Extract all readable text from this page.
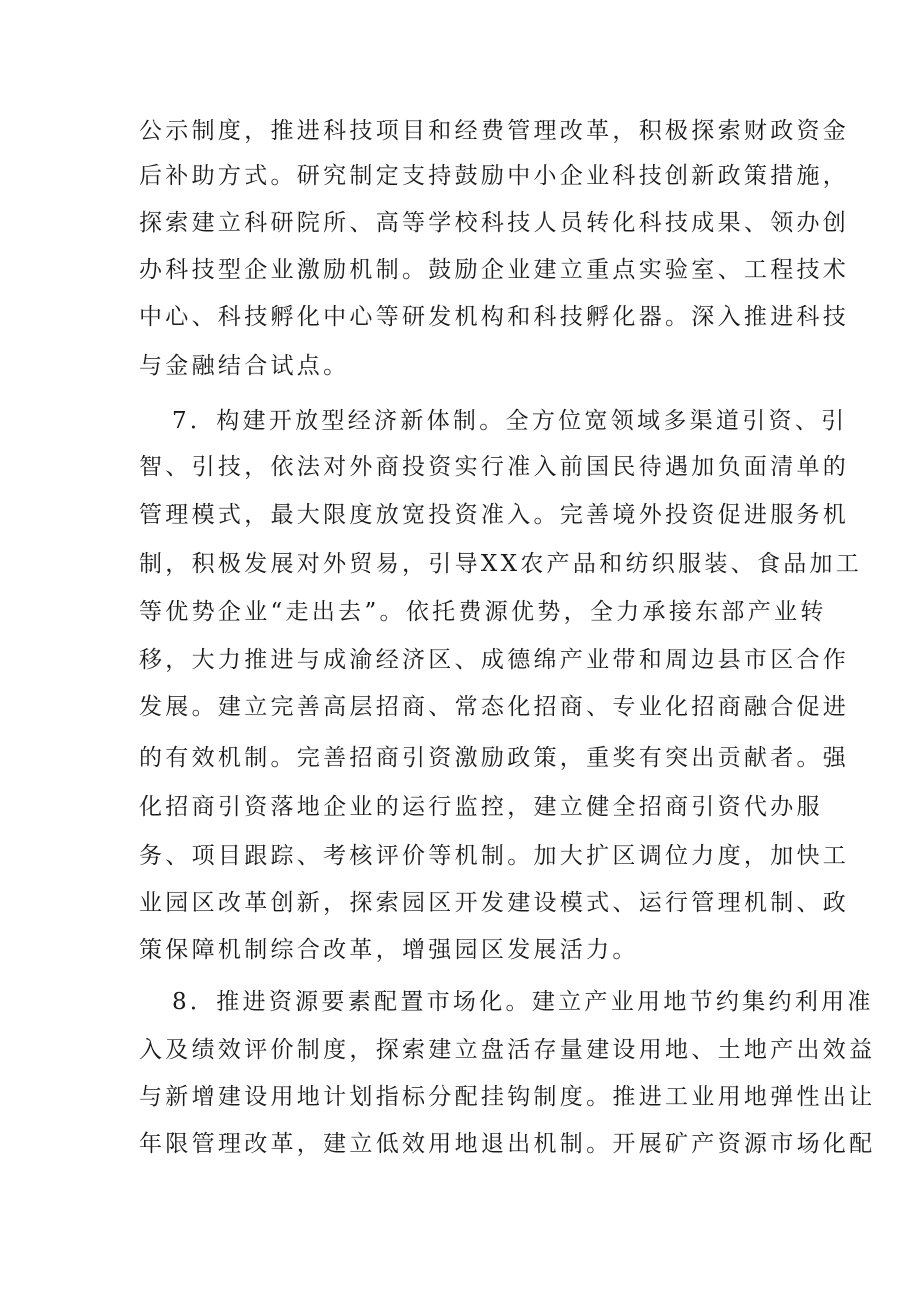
公示制度，推进科技项目和经费管理改革，积极探索财政资金
后补助方式。研究制定支持鼓励中小企业科技创新政策措施，
探索建立科研院所、高等学校科技人员转化科技成果、领办创
办科技型企业激励机制。鼓励企业建立重点实验室、工程技术
中心、科技孵化中心等研发机构和科技孵化器。深入推进科技
与金融结合试点。
7．构建开放型经济新体制。全方位宽领域多渠道引资、引
智、引技，依法对外商投资实行准入前国民待遇加负面清单的
管理模式，最大限度放宽投资准入。完善境外投资促进服务机
制，积极发展对外贸易，引导XX农产品和纺织服装、食品加工
等优势企业“走出去”。依托费源优势，全力承接东部产业转
移，大力推进与成渝经济区、成德绵产业带和周边县市区合作
发展。建立完善高层招商、常态化招商、专业化招商融合促进
的有效机制。完善招商引资激励政策，重奖有突出贡献者。强
化招商引资落地企业的运行监控，建立健全招商引资代办服
务、项目跟踪、考核评价等机制。加大扩区调位力度，加快工
业园区改革创新，探索园区开发建设模式、运行管理机制、政
策保障机制综合改革，增强园区发展活力。
8．推进资源要素配置市场化。建立产业用地节约集约利用准
入及绩效评价制度，探索建立盘活存量建设用地、土地产出效益
与新增建设用地计划指标分配挂钩制度。推进工业用地弹性出让
年限管理改革，建立低效用地退出机制。开展矿产资源市场化配
